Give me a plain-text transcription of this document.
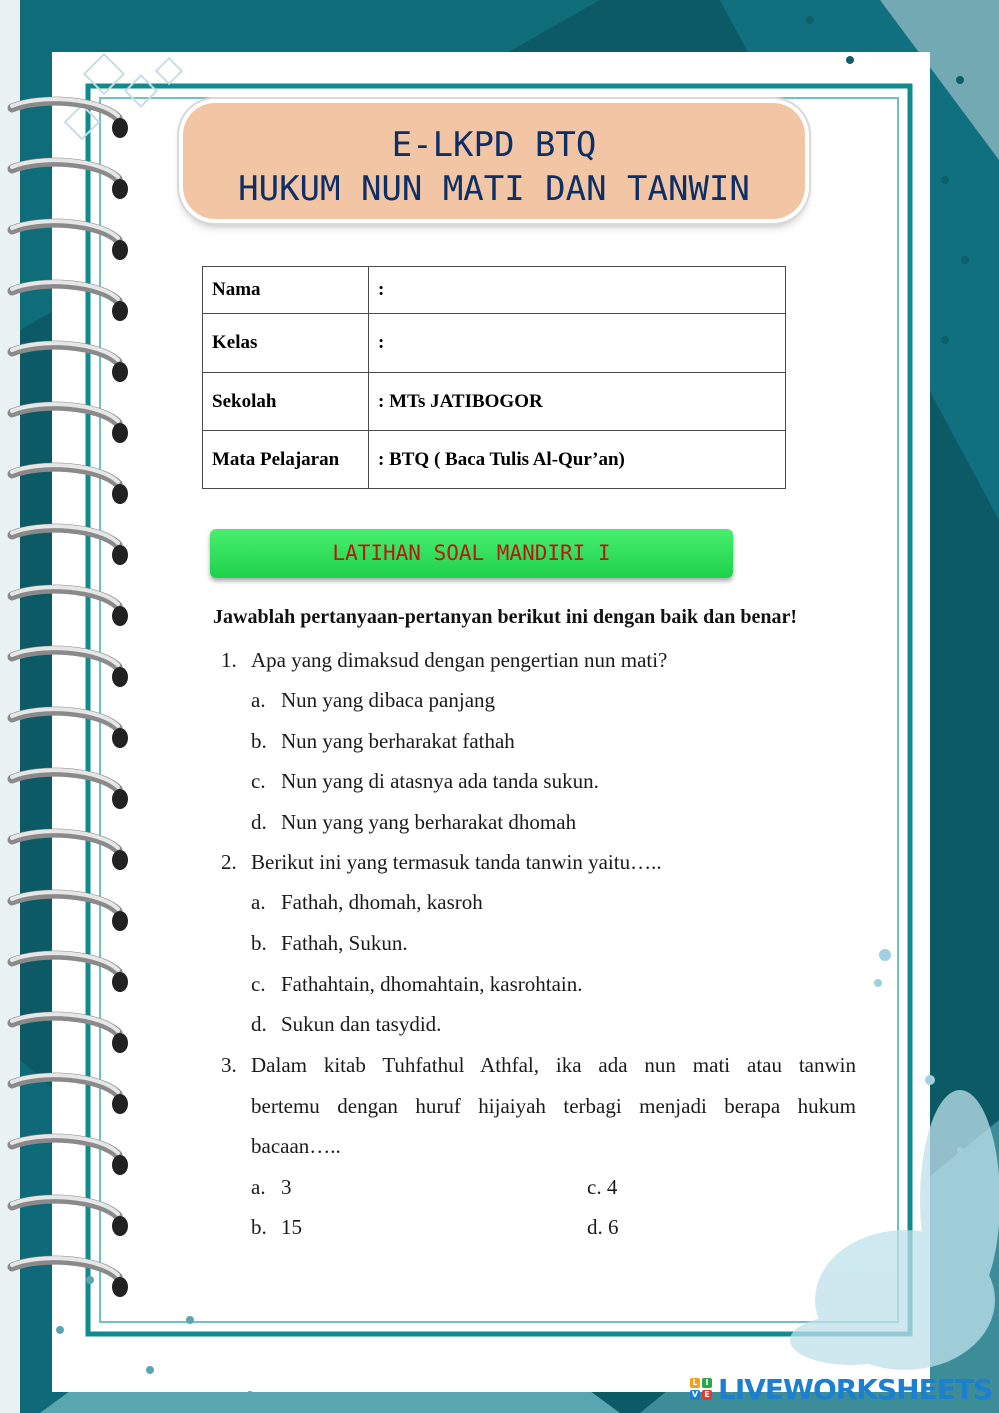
E-LKPD BTQ
HUKUM NUN MATI DAN TANWIN
Nama	:
Kelas	:
Sekolah	: MTs JATIBOGOR
Mata Pelajaran	: BTQ ( Baca Tulis Al-Qur’an)
LATIHAN SOAL MANDIRI I
Jawablah pertanyaan-pertanyan berikut ini dengan baik dan benar!
1. Apa yang dimaksud dengan pengertian nun mati?
a. Nun yang dibaca panjang
b. Nun yang berharakat fathah
c. Nun yang di atasnya ada tanda sukun.
d. Nun yang yang berharakat dhomah
2. Berikut ini yang termasuk tanda tanwin yaitu…..
a. Fathah, dhomah, kasroh
b. Fathah, Sukun.
c. Fathahtain, dhomahtain, kasrohtain.
d. Sukun dan tasydid.
3. Dalam kitab Tuhfathul Athfal, ika ada nun mati atau tanwin
bertemu dengan huruf hijaiyah terbagi menjadi berapa hukum
bacaan…..
a. 3
b. 15
c. 4
d. 6
L I
V E LIVEWORKSHEETS
